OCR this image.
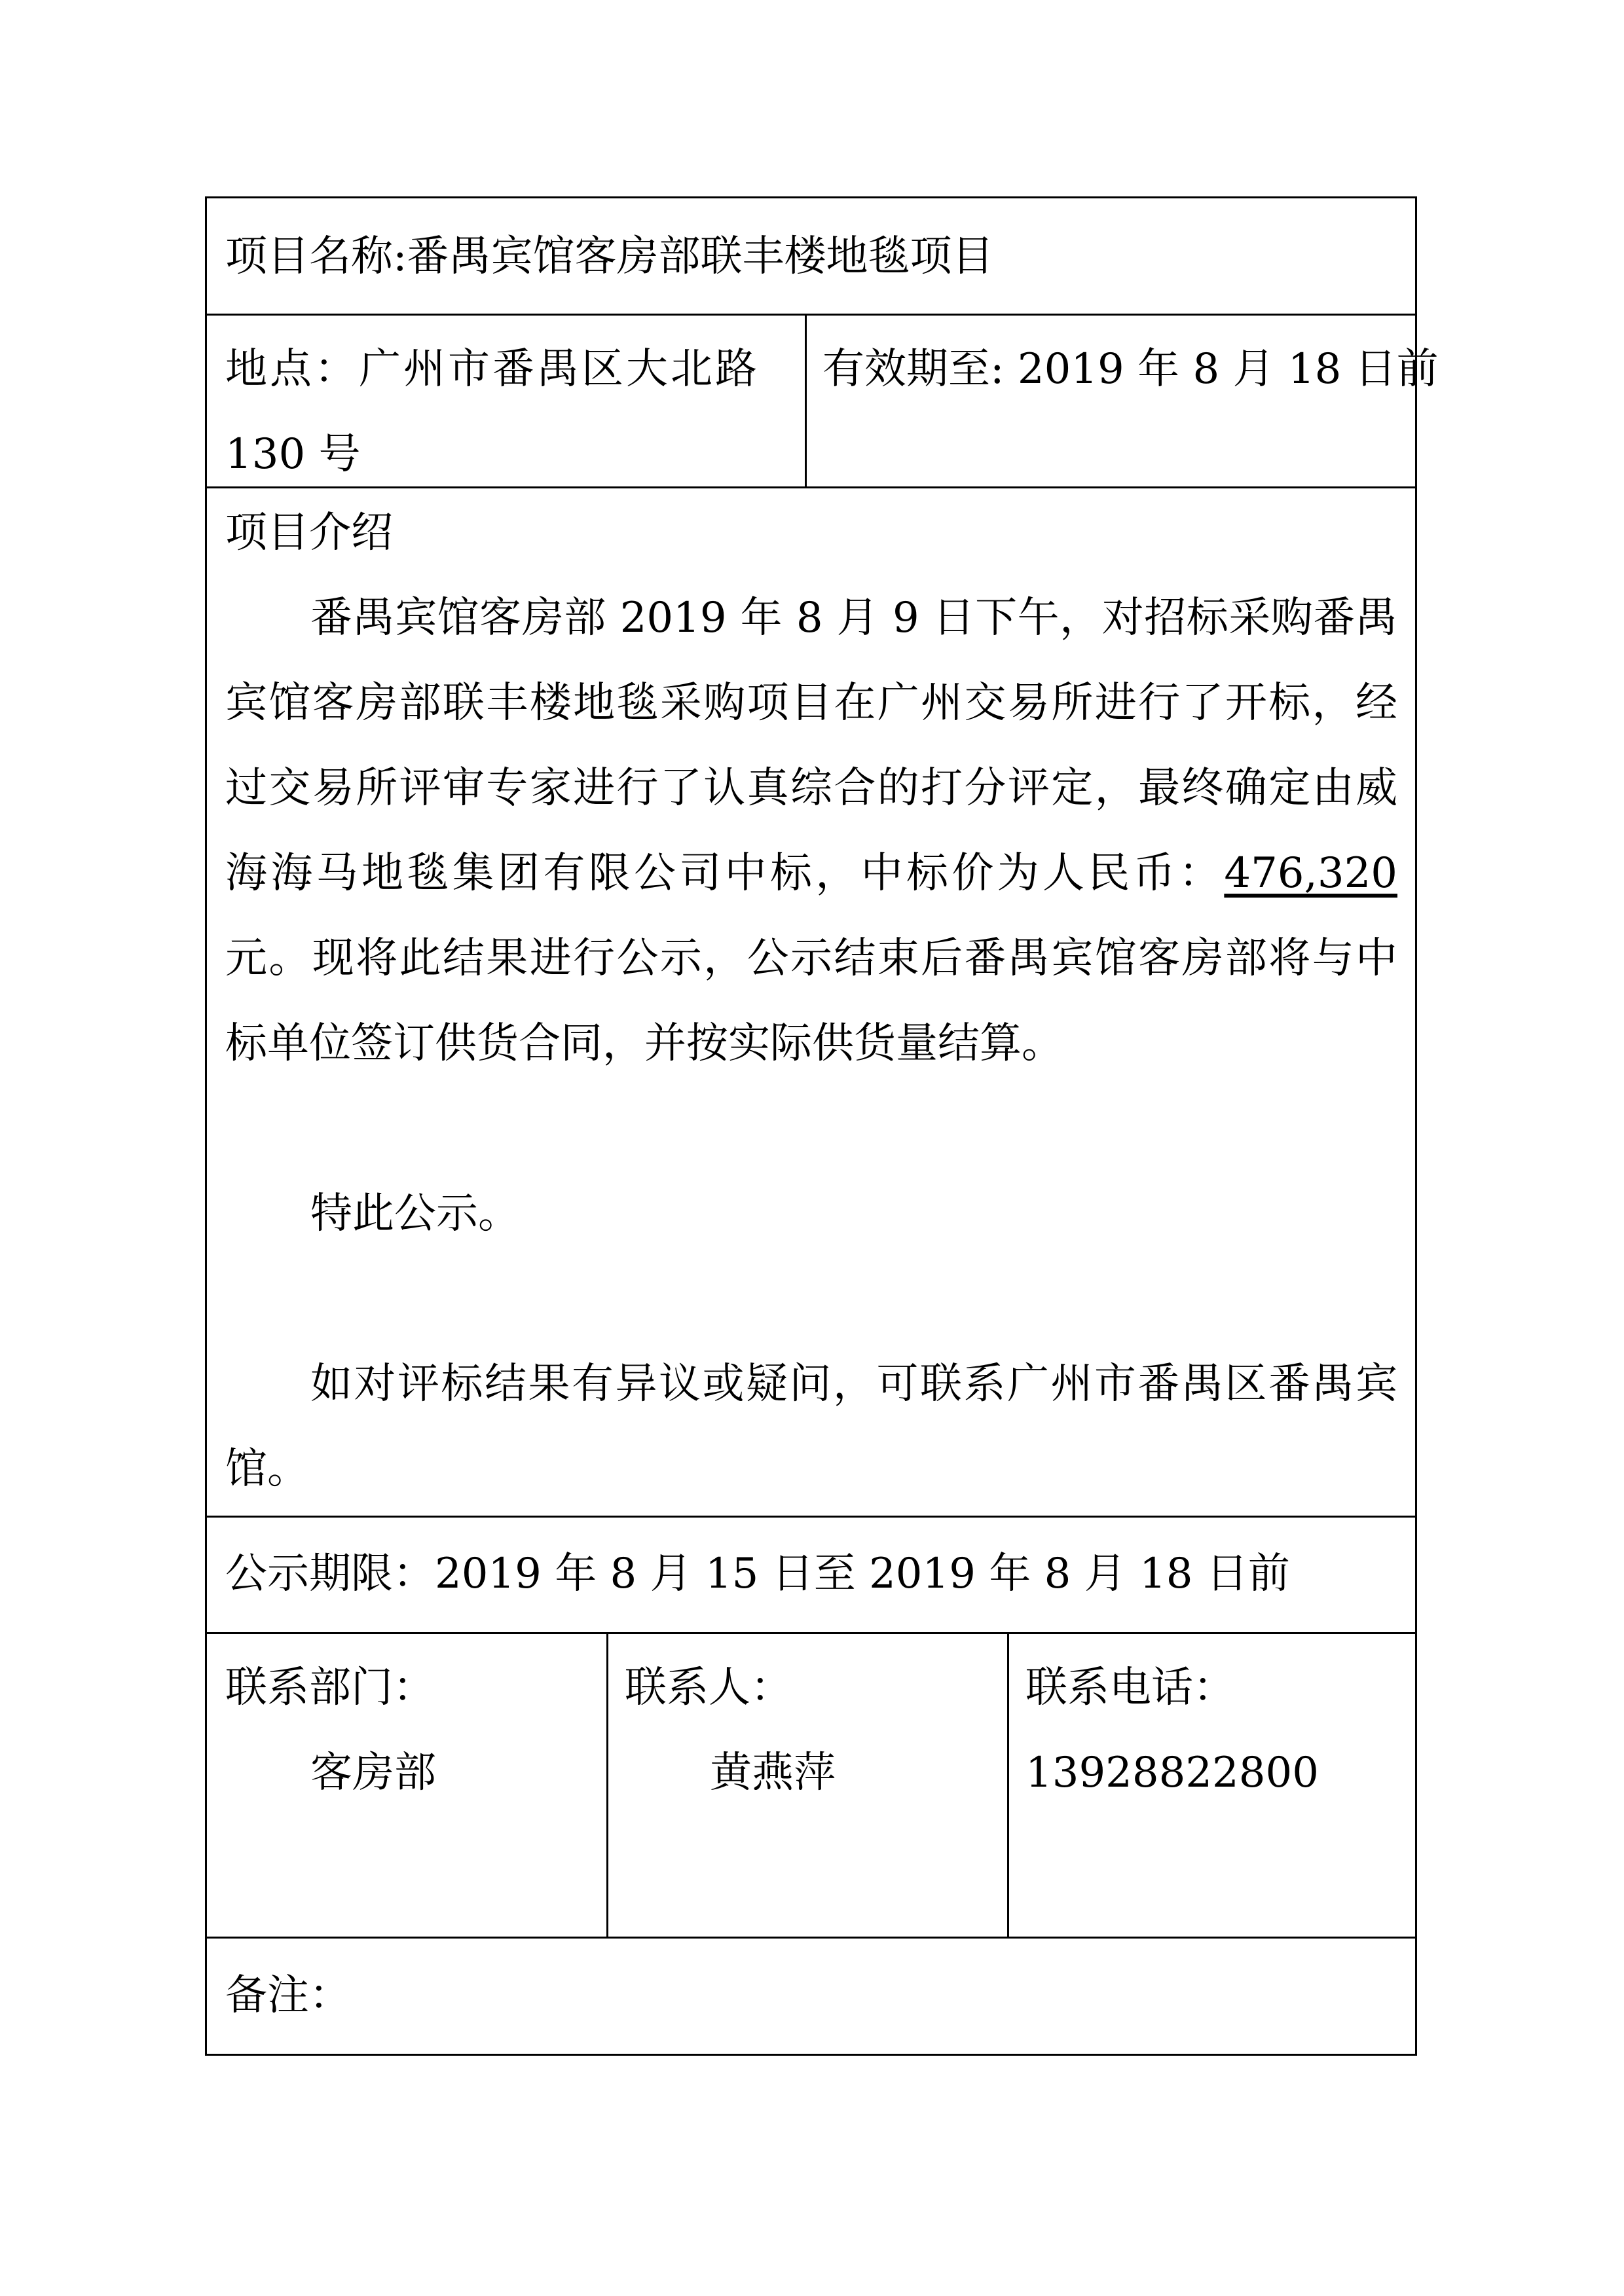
项目名称:番禺宾馆客房部联丰楼地毯项目
地点：广州市番禺区大北路
130 号
有效期至: 2019 年 8 月 18 日前
项目介绍
番禺宾馆客房部 2019 年 8 月 9 日下午，对招标采购番禺宾馆客房部联丰楼地毯采购项目在广州交易所进行了开标，经过交易所评审专家进行了认真综合的打分评定，最终确定由威海海马地毯集团有限公司中标，中标价为人民币：476,320 元。现将此结果进行公示，公示结束后番禺宾馆客房部将与中标单位签订供货合同，并按实际供货量结算。
特此公示。
如对评标结果有异议或疑问，可联系广州市番禺区番禺宾馆。
公示期限：2019 年 8 月 15 日至 2019 年 8 月 18 日前
联系部门：
客房部
联系人：
黄燕萍
联系电话：
13928822800
备注：
